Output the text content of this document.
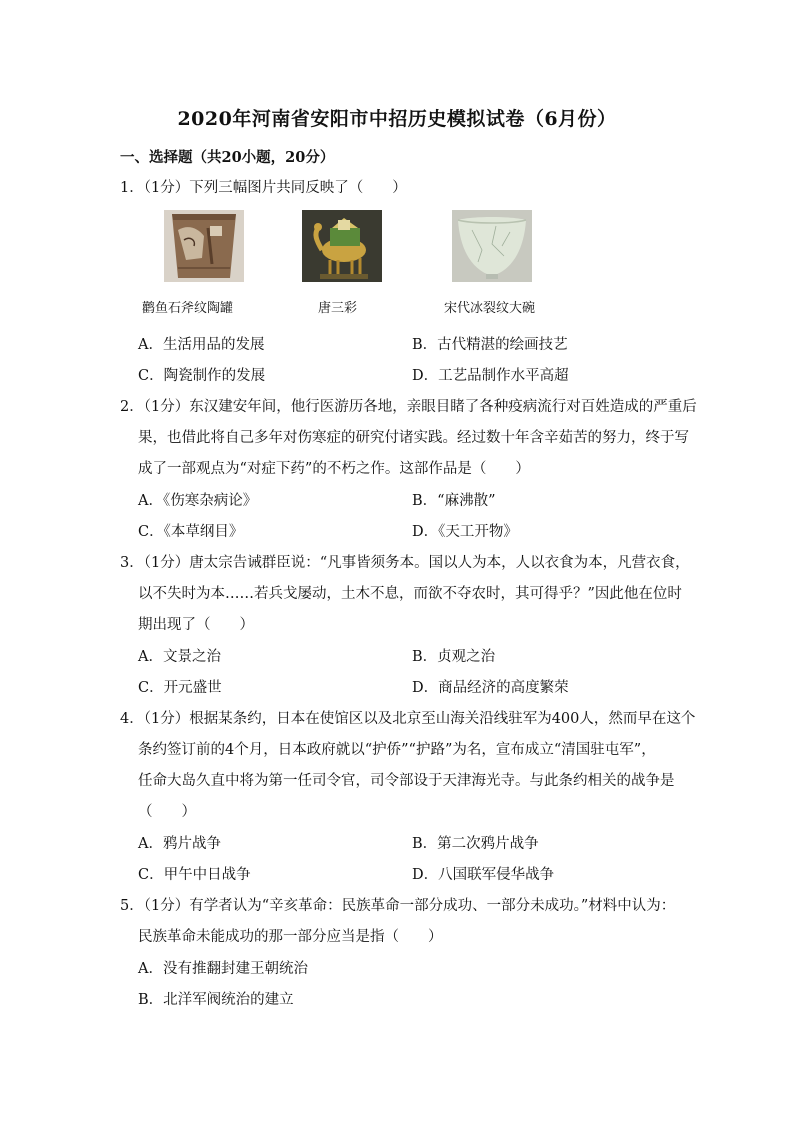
2020年河南省安阳市中招历史模拟试卷（6月份）
一、选择题（共20小题，20分）
1．（1分）下列三幅图片共同反映了（　　）
鹳鱼石斧纹陶罐	唐三彩	宋代冰裂纹大碗
A．生活用品的发展	B．古代精湛的绘画技艺
C．陶瓷制作的发展	D．工艺品制作水平高超
2．（1分）东汉建安年间，他行医游历各地，亲眼目睹了各种疫病流行对百姓造成的严重后
果，也借此将自己多年对伤寒症的研究付诸实践。经过数十年含辛茹苦的努力，终于写
成了一部观点为“对症下药”的不朽之作。这部作品是（　　）
A．《伤寒杂病论》	B．“麻沸散”
C．《本草纲目》	D．《天工开物》
3．（1分）唐太宗告诫群臣说：“凡事皆须务本。国以人为本，人以衣食为本，凡营衣食，
以不失时为本……若兵戈屡动，土木不息，而欲不夺农时，其可得乎？”因此他在位时
期出现了（　　）
A．文景之治	B．贞观之治
C．开元盛世	D．商品经济的高度繁荣
4．（1分）根据某条约，日本在使馆区以及北京至山海关沿线驻军为400人，然而早在这个
条约签订前的4个月，日本政府就以“护侨”“护路”为名，宣布成立“清国驻屯军”，
任命大岛久直中将为第一任司令官，司令部设于天津海光寺。与此条约相关的战争是
（　　）
A．鸦片战争	B．第二次鸦片战争
C．甲午中日战争	D．八国联军侵华战争
5．（1分）有学者认为“辛亥革命：民族革命一部分成功、一部分未成功。”材料中认为：
民族革命未能成功的那一部分应当是指（　　）
A．没有推翻封建王朝统治
B．北洋军阀统治的建立
